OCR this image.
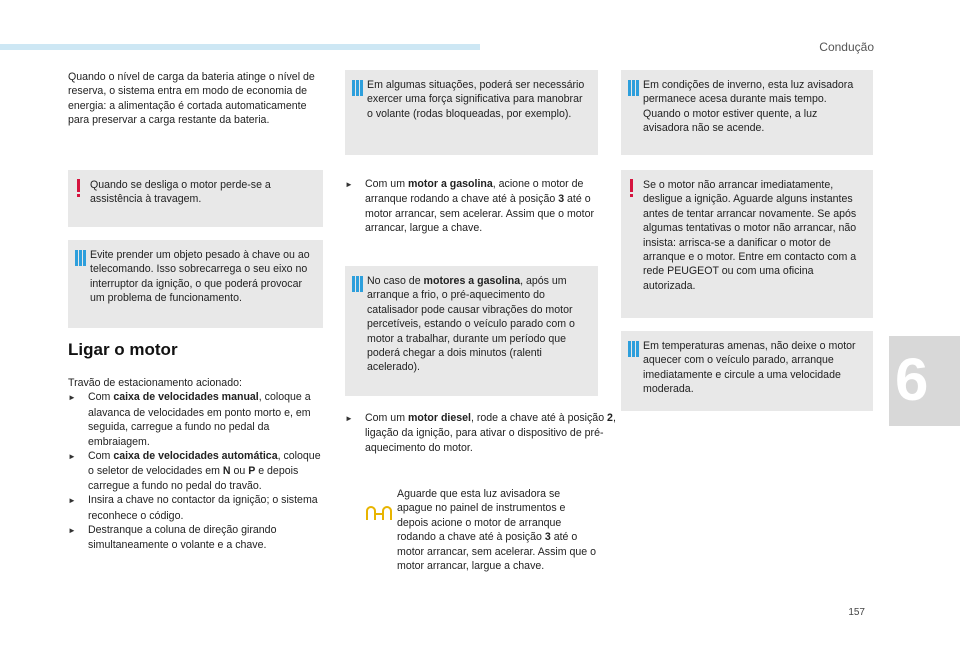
Condução
6
157
Quando o nível de carga da bateria atinge o nível de reserva, o sistema entra em modo de economia de energia: a alimentação é cortada automaticamente para preservar a carga restante da bateria.
Quando se desliga o motor perde-se a assistência à travagem.
Evite prender um objeto pesado à chave ou ao telecomando. Isso sobrecarrega o seu eixo no interruptor da ignição, o que poderá provocar um problema de funcionamento.
Ligar o motor
Travão de estacionamento acionado:
► Com caixa de velocidades manual, coloque a alavanca de velocidades em ponto morto e, em seguida, carregue a fundo no pedal da embraiagem.
► Com caixa de velocidades automática, coloque o seletor de velocidades em N ou P e depois carregue a fundo no pedal do travão.
► Insira a chave no contactor da ignição; o sistema reconhece o código.
► Destranque a coluna de direção girando simultaneamente o volante e a chave.
Em algumas situações, poderá ser necessário exercer uma força significativa para manobrar o volante (rodas bloqueadas, por exemplo).
► Com um motor a gasolina, acione o motor de arranque rodando a chave até à posição 3 até o motor arrancar, sem acelerar. Assim que o motor arrancar, largue a chave.
No caso de motores a gasolina, após um arranque a frio, o pré-aquecimento do catalisador pode causar vibrações do motor percetíveis, estando o veículo parado com o motor a trabalhar, durante um período que poderá chegar a dois minutos (ralenti acelerado).
► Com um motor diesel, rode a chave até à posição 2, ligação da ignição, para ativar o dispositivo de pré-aquecimento do motor.
Aguarde que esta luz avisadora se apague no painel de instrumentos e depois acione o motor de arranque rodando a chave até à posição 3 até o motor arrancar, sem acelerar. Assim que o motor arrancar, largue a chave.
Em condições de inverno, esta luz avisadora permanece acesa durante mais tempo. Quando o motor estiver quente, a luz avisadora não se acende.
Se o motor não arrancar imediatamente, desligue a ignição. Aguarde alguns instantes antes de tentar arrancar novamente. Se após algumas tentativas o motor não arrancar, não insista: arrisca-se a danificar o motor de arranque e o motor. Entre em contacto com a rede PEUGEOT ou com uma oficina autorizada.
Em temperaturas amenas, não deixe o motor aquecer com o veículo parado, arranque imediatamente e circule a uma velocidade moderada.
